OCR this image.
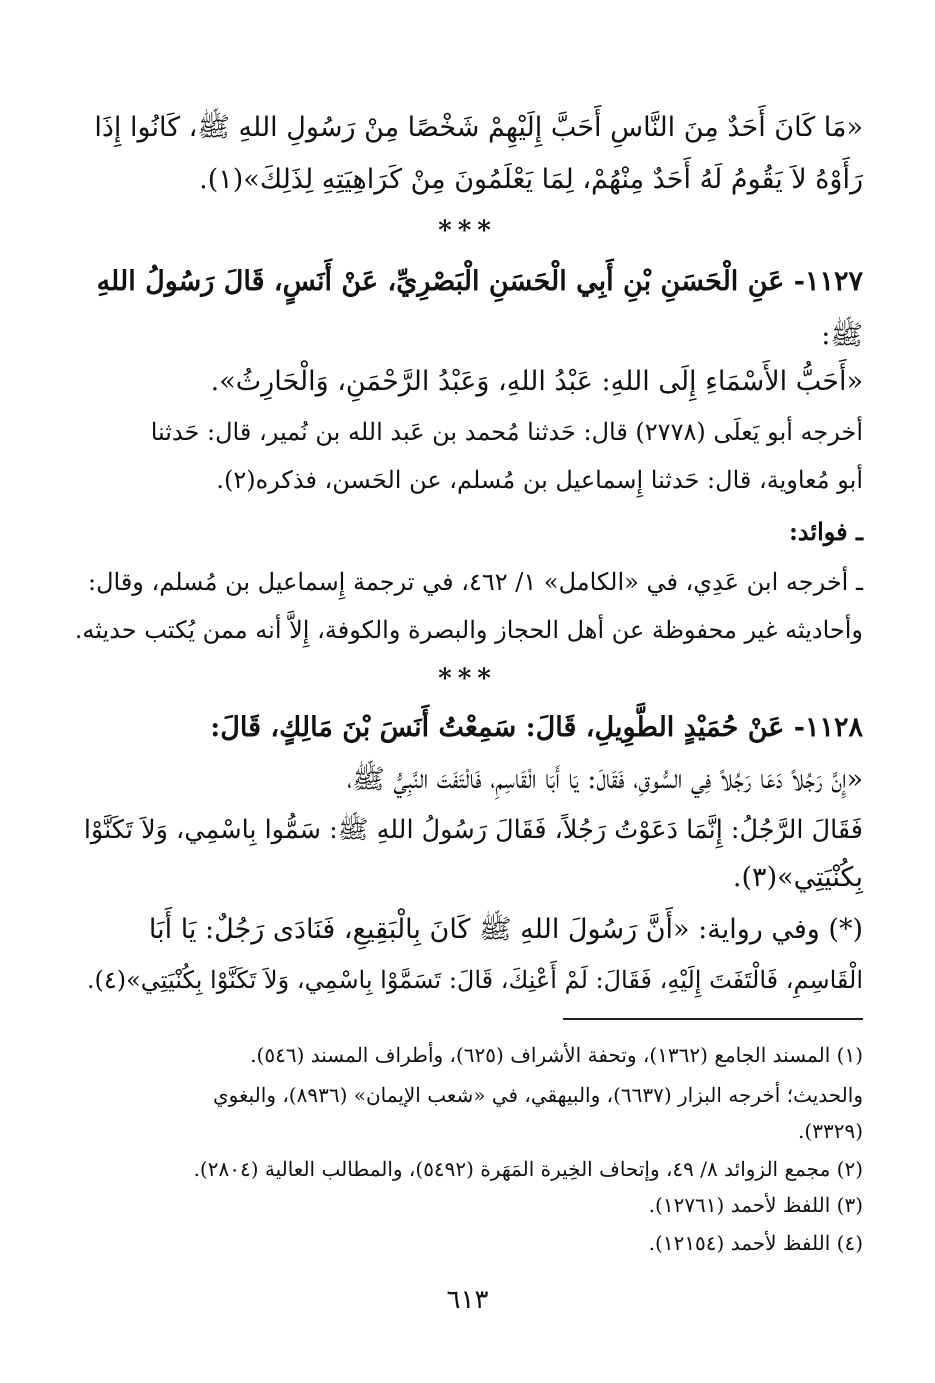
«مَا كَانَ أَحَدٌ مِنَ النَّاسِ أَحَبَّ إِلَيْهِمْ شَخْصًا مِنْ رَسُولِ اللهِ ﷺ، كَانُوا إِذَا
رَأَوْهُ لاَ يَقُومُ لَهُ أَحَدٌ مِنْهُمْ، لِمَا يَعْلَمُونَ مِنْ كَرَاهِيَتِهِ لِذَلِكَ»(١).
***
١١٢٧- عَنِ الْحَسَنِ بْنِ أَبِي الْحَسَنِ الْبَصْرِيِّ، عَنْ أَنَسٍ، قَالَ رَسُولُ اللهِ
ﷺ:
«أَحَبُّ الأَسْمَاءِ إِلَى اللهِ: عَبْدُ اللهِ، وَعَبْدُ الرَّحْمَنِ، وَالْحَارِثُ».
أخرجه أبو يَعلَى (٢٧٧٨) قال: حَدثنا مُحمد بن عَبد الله بن نُمير، قال: حَدثنا
أبو مُعاوية، قال: حَدثنا إِسماعيل بن مُسلم، عن الحَسن، فذكره(٢).
ـ فوائد:
ـ أخرجه ابن عَدِي، في «الكامل» ١/ ٤٦٢، في ترجمة إِسماعيل بن مُسلم، وقال:
وأحاديثه غير محفوظة عن أهل الحجاز والبصرة والكوفة، إِلاَّ أنه ممن يُكتب حديثه.
***
١١٢٨- عَنْ حُمَيْدٍ الطَّوِيلِ، قَالَ: سَمِعْتُ أَنَسَ بْنَ مَالِكٍ، قَالَ:
«إِنَّ رَجُلاً دَعَا رَجُلاً فِي السُّوقِ، فَقَالَ: يَا أَبَا الْقَاسِمِ، فَالْتَفَتَ النَّبِيُّ ﷺ،
فَقَالَ الرَّجُلُ: إِنَّمَا دَعَوْتُ رَجُلاً، فَقَالَ رَسُولُ اللهِ ﷺ: سَمُّوا بِاسْمِي، وَلاَ تَكَنَّوْا
بِكُنْيَتِي»(٣).
(*) وفي رواية: «أَنَّ رَسُولَ اللهِ ﷺ كَانَ بِالْبَقِيعِ، فَنَادَى رَجُلٌ: يَا أَبَا
الْقَاسِمِ، فَالْتَفَتَ إِلَيْهِ، فَقَالَ: لَمْ أَعْنِكَ، قَالَ: تَسَمَّوْا بِاسْمِي، وَلاَ تَكَنَّوْا بِكُنْيَتِي»(٤).
(١) المسند الجامع (١٣٦٢)، وتحفة الأشراف (٦٢٥)، وأطراف المسند (٥٤٦).
والحديث؛ أخرجه البزار (٦٦٣٧)، والبيهقي، في «شعب الإيمان» (٨٩٣٦)، والبغوي
(٣٣٢٩).
(٢) مجمع الزوائد ٨/ ٤٩، وإتحاف الخِيرة المَهَرة (٥٤٩٢)، والمطالب العالية (٢٨٠٤).
(٣) اللفظ لأحمد (١٢٧٦١).
(٤) اللفظ لأحمد (١٢١٥٤).
٦١٣
